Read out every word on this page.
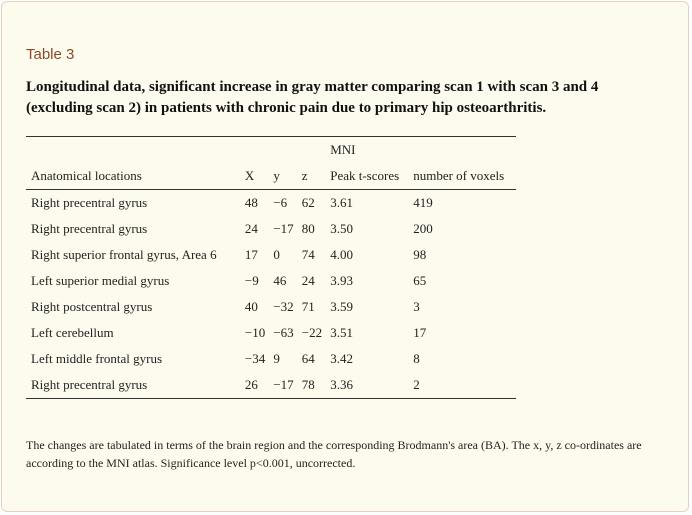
Table 3

Longitudinal data, significant increase in gray matter comparing scan 1 with scan 3 and 4 (excluding scan 2) in patients with chronic pain due to primary hip osteoarthritis.

				MNI	
Anatomical locations	X	y	z	Peak t-scores	number of voxels
Right precentral gyrus	48	−6	62	3.61	419
Right precentral gyrus	24	−17	80	3.50	200
Right superior frontal gyrus, Area 6	17	0	74	4.00	98
Left superior medial gyrus	−9	46	24	3.93	65
Right postcentral gyrus	40	−32	71	3.59	3
Left cerebellum	−10	−63	−22	3.51	17
Left middle frontal gyrus	−34	9	64	3.42	8
Right precentral gyrus	26	−17	78	3.36	2

The changes are tabulated in terms of the brain region and the corresponding Brodmann's area (BA). The x, y, z co-ordinates are according to the MNI atlas. Significance level p<0.001, uncorrected.
